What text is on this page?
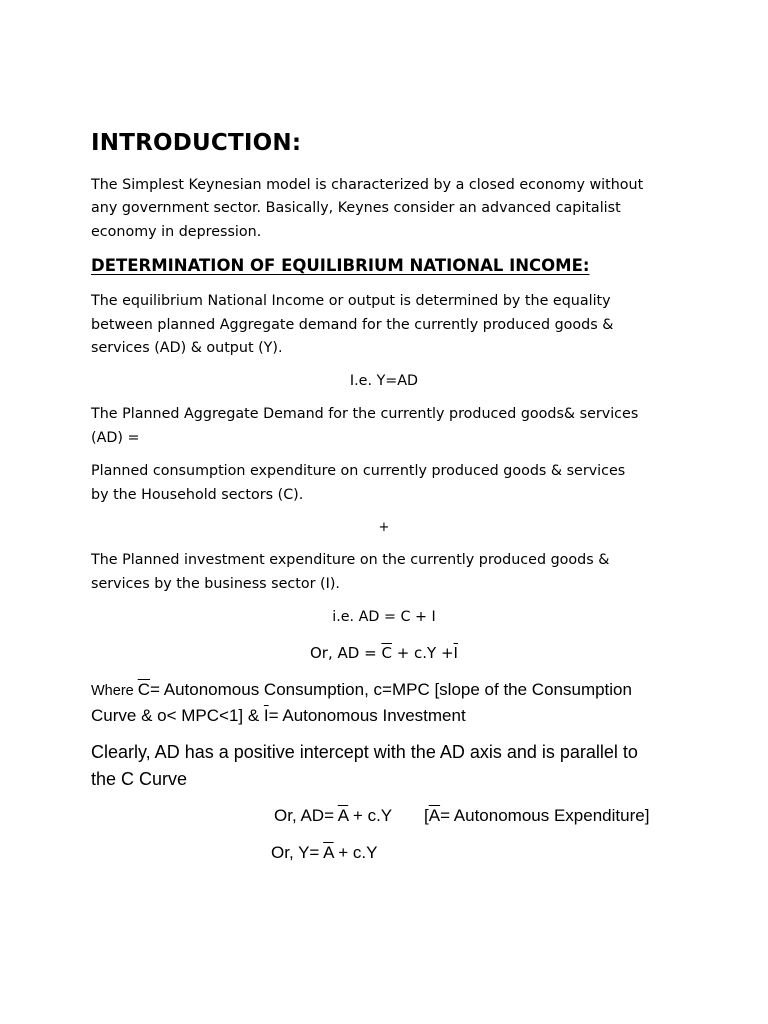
INTRODUCTION:
The Simplest Keynesian model is characterized by a closed economy without
any government sector. Basically, Keynes consider an advanced capitalist
economy in depression.
DETERMINATION OF EQUILIBRIUM NATIONAL INCOME:
The equilibrium National Income or output is determined by the equality
between planned Aggregate demand for the currently produced goods &
services (AD) & output (Y).
I.e. Y=AD
The Planned Aggregate Demand for the currently produced goods& services
(AD) =
Planned consumption expenditure on currently produced goods & services
by the Household sectors (C).
+
The Planned investment expenditure on the currently produced goods &
services by the business sector (I).
i.e. AD = C + I
Or, AD = $\overline{C} + c.Y +\overline{I}$
Where $\overline{C}=$ Autonomous Consumption, c=MPC [slope of the Consumption
Curve & o< MPC<1] & $\overline{I}=$ Autonomous Investment
Clearly, AD has a positive intercept with the AD axis and is parallel to
the C Curve
Or, $AD= \overline{A} + c.Y$ [$\overline{A}=$ Autonomous Expenditure]
Or, $Y= \overline{A} + c.Y$
